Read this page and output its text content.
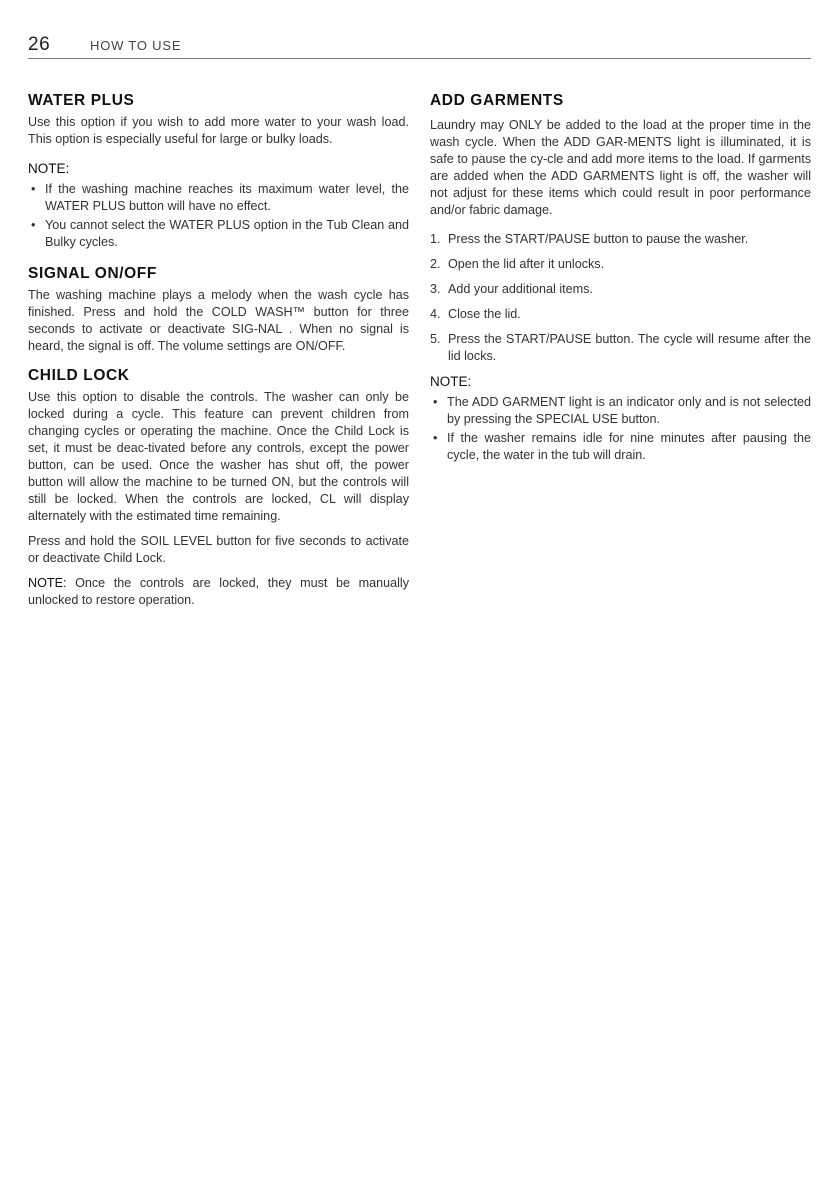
26	HOW TO USE
WATER PLUS

Use this option if you wish to add more water to your wash load. This option is especially useful for large or bulky loads.

NOTE:
• If the washing machine reaches its maximum water level, the WATER PLUS button will have no effect.
• You cannot select the WATER PLUS option in the Tub Clean and Bulky cycles.
SIGNAL ON/OFF

The washing machine plays a melody when the wash cycle has finished. Press and hold the COLD WASH™ button for three seconds to activate or deactivate SIG-NAL . When no signal is heard, the signal is off. The volume settings are ON/OFF.

CHILD LOCK

Use this option to disable the controls. The washer can only be locked during a cycle. This feature can prevent children from changing cycles or operating the machine. Once the Child Lock is set, it must be deac-tivated before any controls, except the power button, can be used. Once the washer has shut off, the power button will allow the machine to be turned ON, but the controls will still be locked. When the controls are locked, CL will display alternately with the estimated time remaining.

Press and hold the SOIL LEVEL button for five seconds to activate or deactivate Child Lock.

NOTE: Once the controls are locked, they must be manually unlocked to restore operation.

ADD GARMENTS

Laundry may ONLY be added to the load at the proper time in the wash cycle. When the ADD GAR-MENTS light is illuminated, it is safe to pause the cy-cle and add more items to the load. If garments are added when the ADD GARMENTS light is off, the washer will not adjust for these items which could result in poor performance and/or fabric damage.

1. Press the START/PAUSE button to pause the washer.
2. Open the lid after it unlocks.
3. Add your additional items.
4. Close the lid.
5. Press the START/PAUSE button. The cycle will resume after the lid locks.
NOTE:
• The ADD GARMENT light is an indicator only and is not selected by pressing the SPECIAL USE button.
• If the washer remains idle for nine minutes after pausing the cycle, the water in the tub will drain.
